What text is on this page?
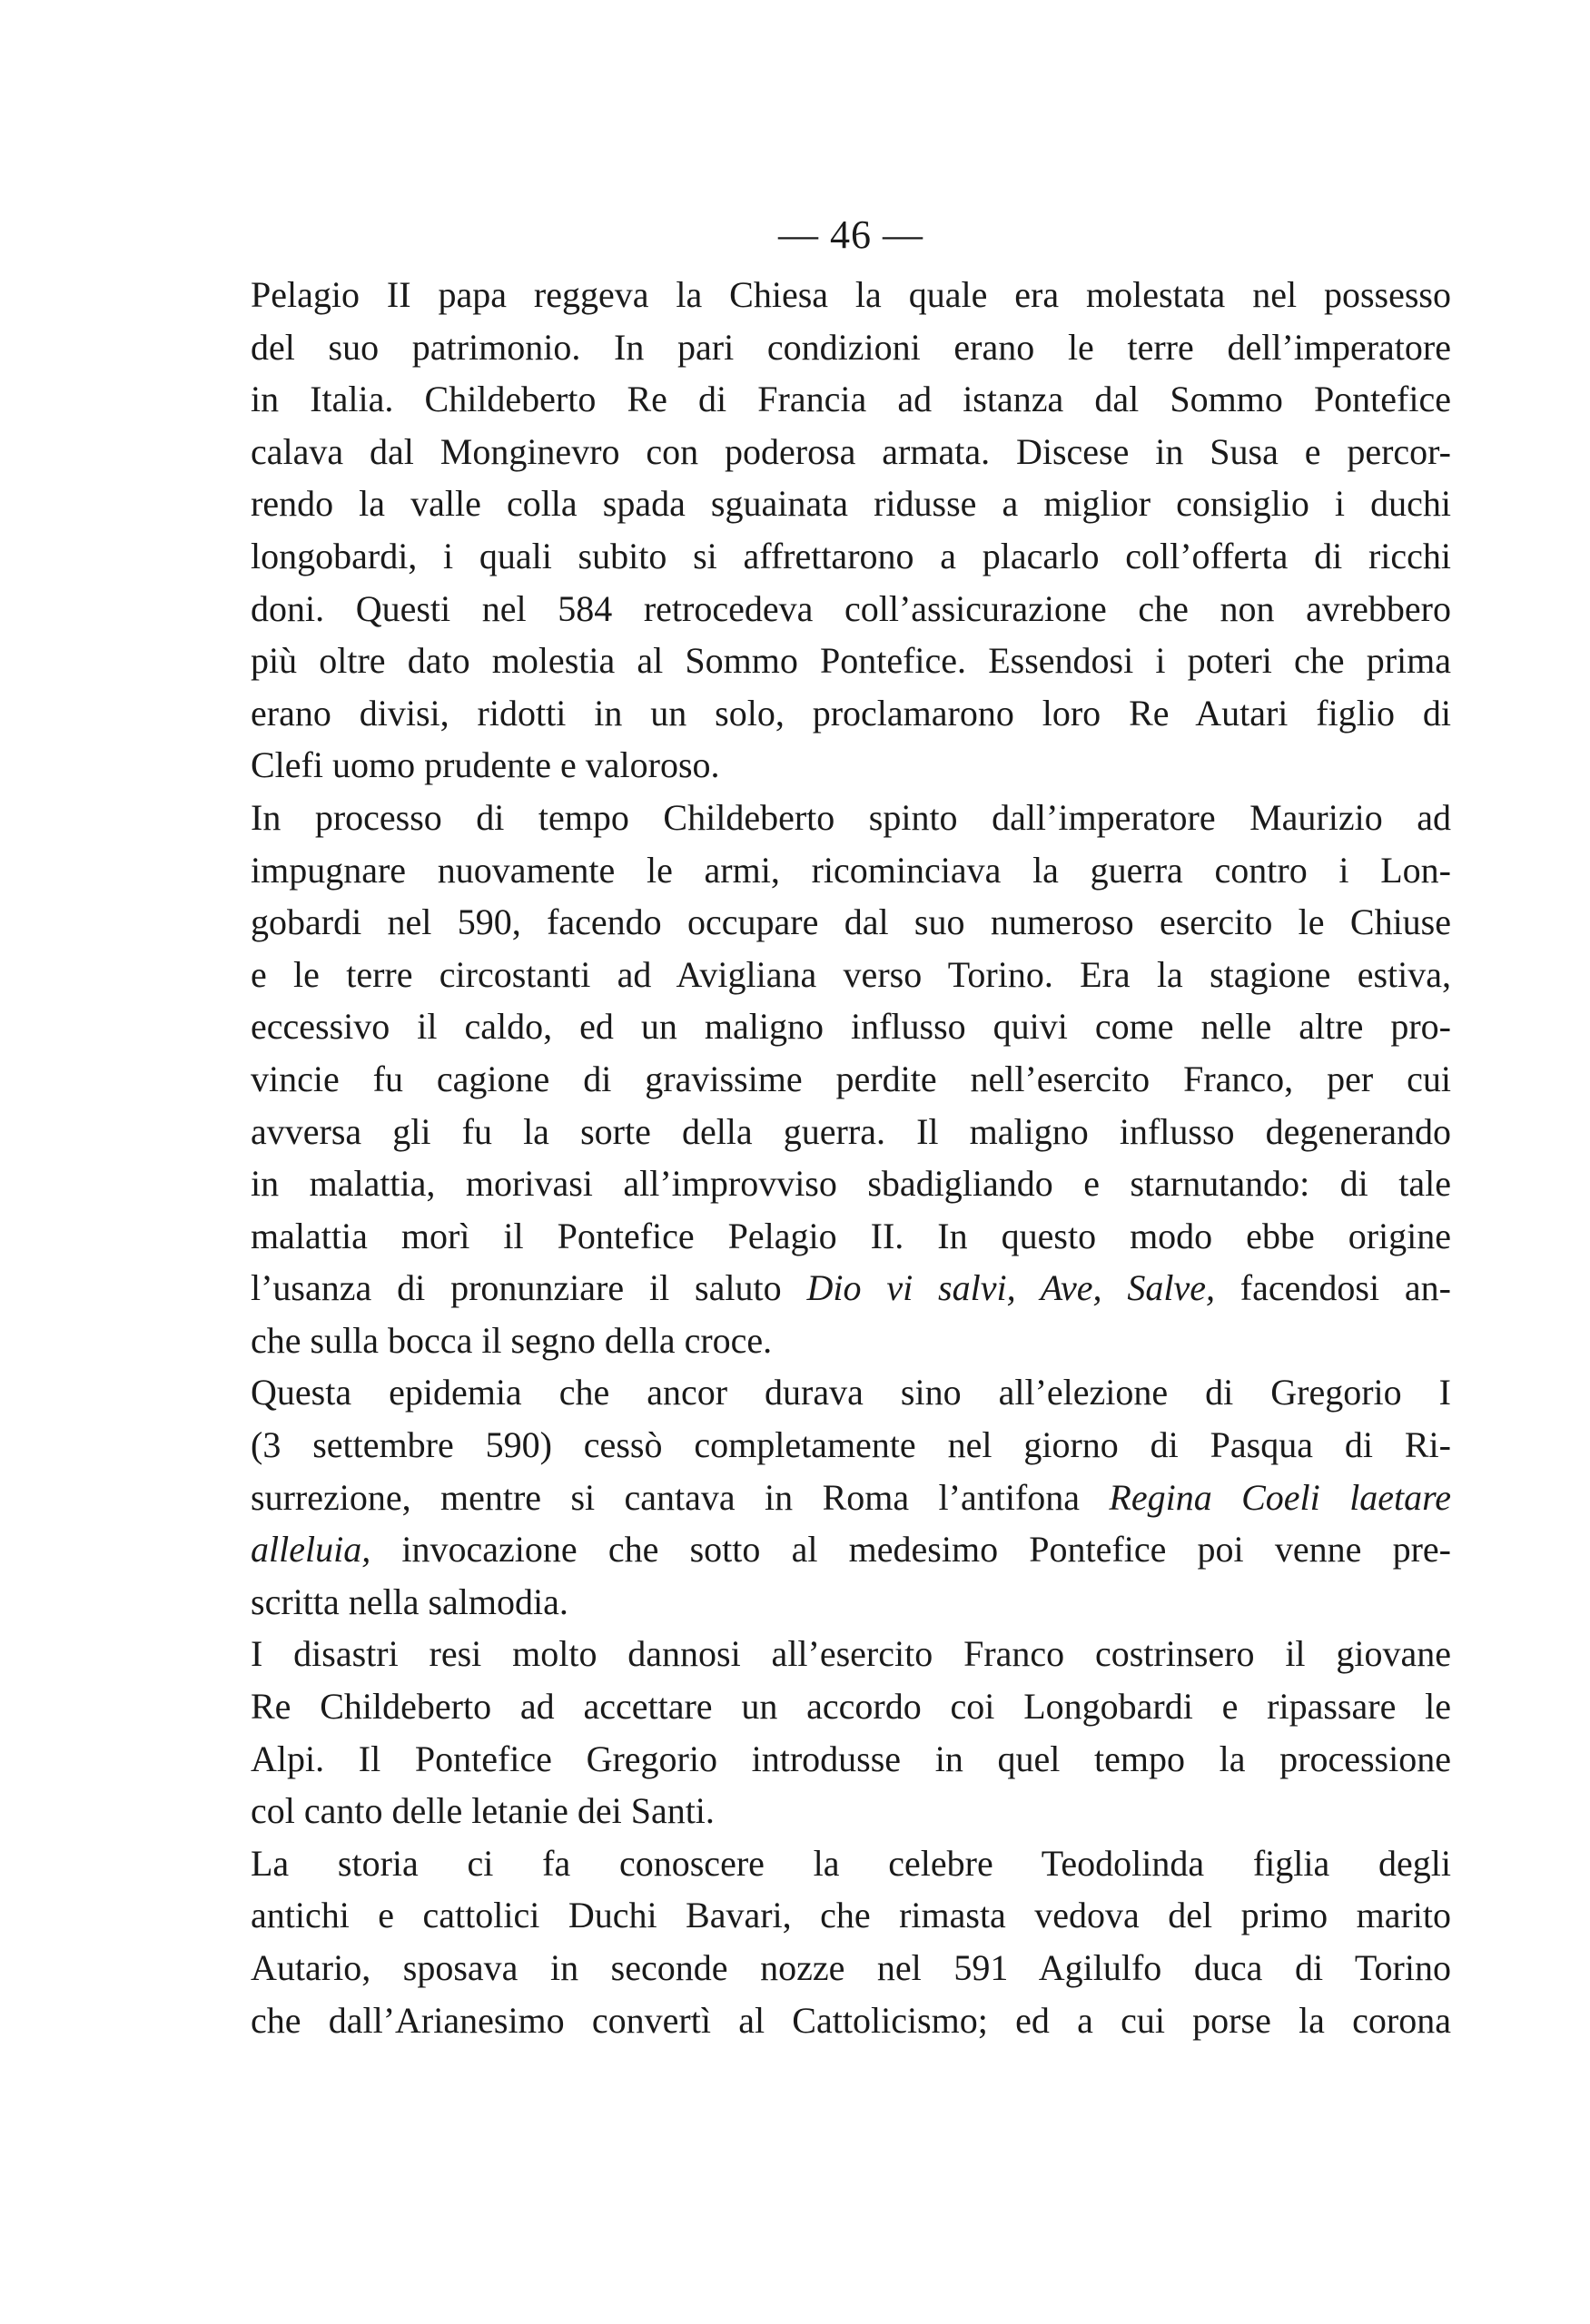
— 46 —

Pelagio II papa reggeva la Chiesa la quale era molestata nel possesso
del suo patrimonio. In pari condizioni erano le terre dell’imperatore
in Italia. Childeberto Re di Francia ad istanza dal Sommo Pontefice
calava dal Monginevro con poderosa armata. Discese in Susa e percor-
rendo la valle colla spada sguainata ridusse a miglior consiglio i duchi
longobardi, i quali subito si affrettarono a placarlo coll’offerta di ricchi
doni. Questi nel 584 retrocedeva coll’assicurazione che non avrebbero
più oltre dato molestia al Sommo Pontefice. Essendosi i poteri che prima
erano divisi, ridotti in un solo, proclamarono loro Re Autari figlio di
Clefi uomo prudente e valoroso.

In processo di tempo Childeberto spinto dall’imperatore Maurizio ad
impugnare nuovamente le armi, ricominciava la guerra contro i Lon-
gobardi nel 590, facendo occupare dal suo numeroso esercito le Chiuse
e le terre circostanti ad Avigliana verso Torino. Era la stagione estiva,
eccessivo il caldo, ed un maligno influsso quivi come nelle altre pro-
vincie fu cagione di gravissime perdite nell’esercito Franco, per cui
avversa gli fu la sorte della guerra. Il maligno influsso degenerando
in malattia, morivasi all’improvviso sbadigliando e starnutando: di tale
malattia morì il Pontefice Pelagio II. In questo modo ebbe origine
l’usanza di pronunziare il saluto Dio vi salvi, Ave, Salve, facendosi an-
che sulla bocca il segno della croce.

Questa epidemia che ancor durava sino all’elezione di Gregorio I
(3 settembre 590) cessò completamente nel giorno di Pasqua di Ri-
surrezione, mentre si cantava in Roma l’antifona Regina Coeli laetare
alleluia, invocazione che sotto al medesimo Pontefice poi venne pre-
scritta nella salmodia.

I disastri resi molto dannosi all’esercito Franco costrinsero il giovane
Re Childeberto ad accettare un accordo coi Longobardi e ripassare le
Alpi. Il Pontefice Gregorio introdusse in quel tempo la processione
col canto delle letanie dei Santi.

La storia ci fa conoscere la celebre Teodolinda figlia degli
antichi e cattolici Duchi Bavari, che rimasta vedova del primo marito
Autario, sposava in seconde nozze nel 591 Agilulfo duca di Torino
che dall’Arianesimo convertì al Cattolicismo; ed a cui porse la corona
